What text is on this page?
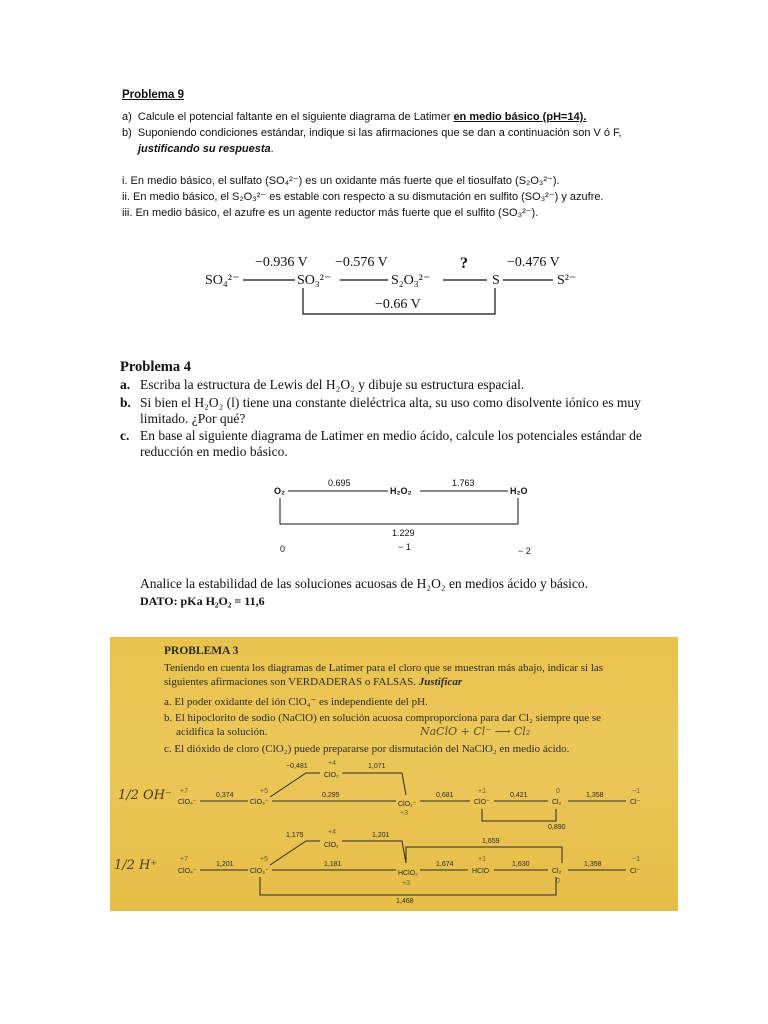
Problema 9
a) Calcule el potencial faltante en el siguiente diagrama de Latimer en medio básico (pH=14).
b) Suponiendo condiciones estándar, indique si las afirmaciones que se dan a continuación son V ó F,
justificando su respuesta.
i. En medio básico, el sulfato (SO₄²⁻) es un oxidante más fuerte que el tiosulfato (S₂O₃²⁻).
ii. En medio básico, el S₂O₃²⁻ es estable con respecto a su dismutación en sulfito (SO₃²⁻) y azufre.
iii. En medio básico, el azufre es un agente reductor más fuerte que el sulfito (SO₃²⁻).
SO₄²⁻
−0.936 V
SO₃²⁻
−0.576 V
S₂O₃²⁻
?
S
−0.476 V
S²⁻
−0.66 V
Problema 4
a. Escriba la estructura de Lewis del H₂O₂ y dibuje su estructura espacial.
b. Si bien el H₂O₂ (l) tiene una constante dieléctrica alta, su uso como disolvente iónico es muy
limitado. ¿Por qué?
c. En base al siguiente diagrama de Latimer en medio ácido, calcule los potenciales estándar de
reducción en medio básico.
O₂
0.695
H₂O₂
1.763
H₂O
1.229
0	− 1	− 2
Analice la estabilidad de las soluciones acuosas de H₂O₂ en medios ácido y básico.
DATO: pKa H₂O₂ = 11,6
PROBLEMA 3
Teniendo en cuenta los diagramas de Latimer para el cloro que se muestran más abajo, indicar si las
siguientes afirmaciones son VERDADERAS o FALSAS. Justificar
a. El poder oxidante del ión ClO₄⁻ es independiente del pH.
b. El hipoclorito de sodio (NaClO) en solución acuosa comproporciona para dar Cl₂ siempre que se
acidifica la solución.	NaClO + Cl⁻ ⟶ Cl₂
c. El dióxido de cloro (ClO₂) puede prepararse por dismutación del NaClO₂ en medio ácido.
1/2 OH⁻ ClO₄⁻
0,374
ClO₃⁻
0,295
ClO₂⁻
0,681
ClO⁻
0,421
Cl₂
1,358
Cl⁻
ClO₂
−0,481	1,071
+4
0,890
+7	+5
+3
+1	0	−1
1/2 H⁺	ClO₄⁻
1,201
ClO₃⁻
1,181
HClO₂
1,674
HClO
1,630
Cl₂
1,358
Cl⁻
ClO₂
1,175	1,201
+4
1,659
1,468
+7	+5
+3
+1
0
−1
